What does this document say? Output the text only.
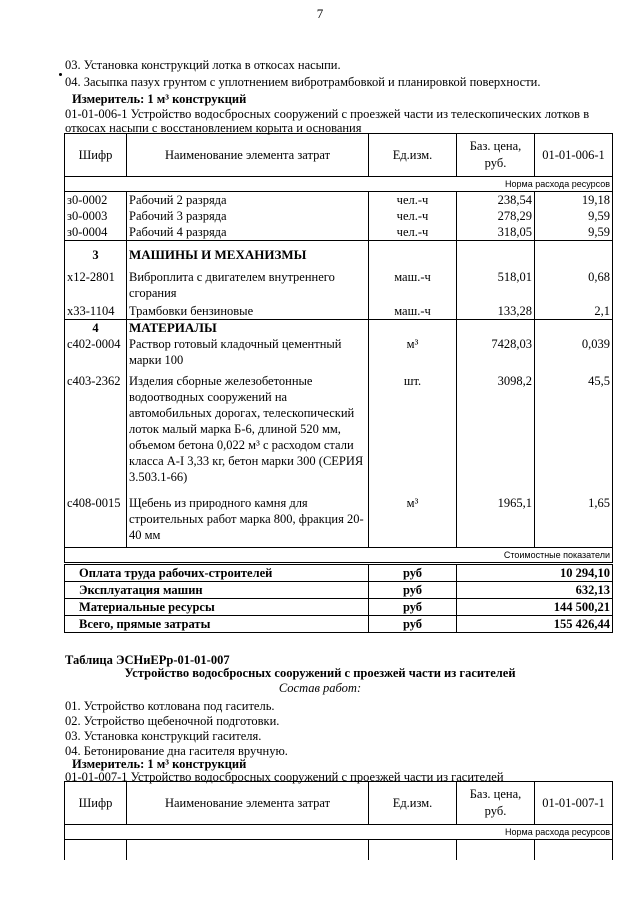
7
03. Установка конструкций лотка в откосах насыпи.
04. Засыпка пазух грунтом с уплотнением вибротрамбовкой и планировкой поверхности.
Измеритель: 1 м³ конструкций
01-01-006-1 Устройство водосбросных сооружений с проезжей части из телескопических лотков в
откосах насыпи с восстановлением корыта и основания
Шифр	Наименование элемента затрат	Ед.изм.	Баз. цена, руб.	01-01-006-1
Норма расхода ресурсов				
з0-0002	Рабочий 2 разряда	чел.-ч	238,54	19,18
з0-0003	Рабочий 3 разряда	чел.-ч	278,29	9,59
з0-0004	Рабочий 4 разряда	чел.-ч	318,05	9,59
3	МАШИНЫ И МЕХАНИЗМЫ			
х12-2801	Виброплита с двигателем внутреннего сгорания	маш.-ч	518,01	0,68
х33-1104	Трамбовки бензиновые	маш.-ч	133,28	2,1
4	МАТЕРИАЛЫ			
с402-0004	Раствор готовый кладочный цементный марки 100	м³	7428,03	0,039
с403-2362	Изделия сборные железобетонные водоотводных сооружений на автомобильных дорогах, телескопический лоток малый марка Б-6, длиной 520 мм, объемом бетона 0,022 м³ с расходом стали класса А-I 3,33 кг, бетон марки 300 (СЕРИЯ 3.503.1-66)	шт.	3098,2	45,5
с408-0015	Щебень из природного камня для строительных работ марка 800, фракция 20-40 мм	м³	1965,1	1,65
Стоимостные показатели				
Оплата труда рабочих-строителей	руб	10 294,10
Эксплуатация машин	руб	632,13
Материальные ресурсы	руб	144 500,21
Всего, прямые затраты	руб	155 426,44
Таблица ЭСНиЕРр-01-01-007
Устройство водосбросных сооружений с проезжей части из гасителей
Состав работ:
01. Устройство котлована под гаситель.
02. Устройство щебеночной подготовки.
03. Установка конструкций гасителя.
04. Бетонирование дна гасителя вручную.
Измеритель: 1 м³ конструкций
01-01-007-1 Устройство водосбросных сооружений с проезжей части из гасителей
Шифр	Наименование элемента затрат	Ед.изм.	Баз. цена, руб.	01-01-007-1
Норма расхода ресурсов				
